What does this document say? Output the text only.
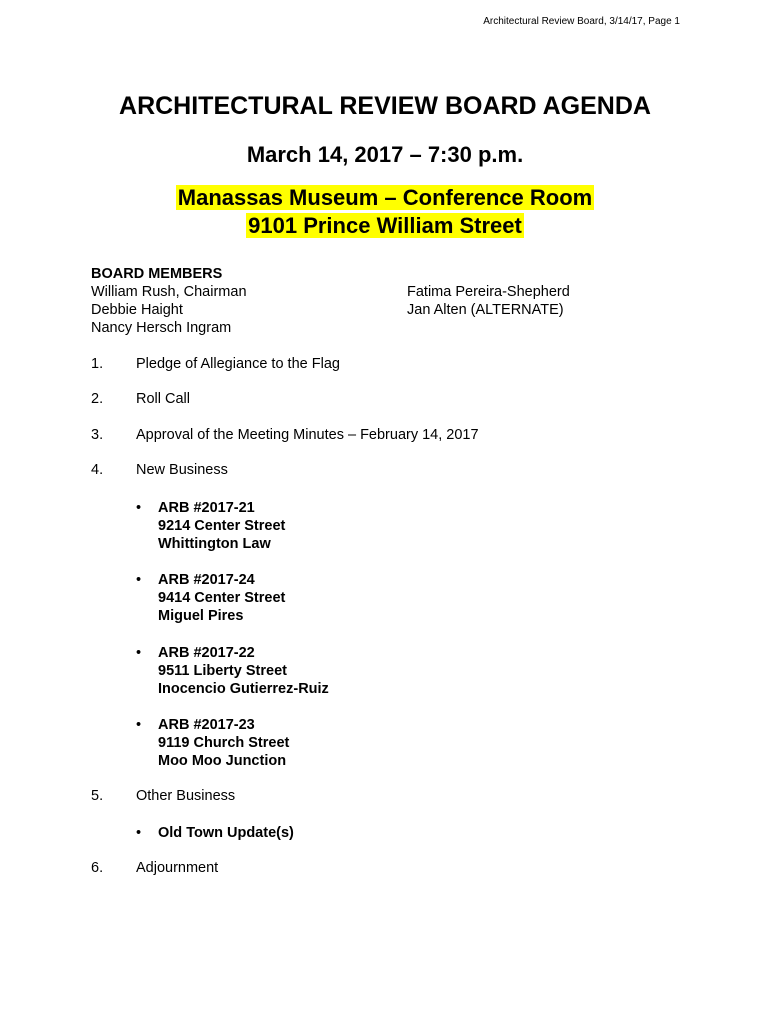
Architectural Review Board, 3/14/17, Page 1
ARCHITECTURAL REVIEW BOARD AGENDA
March 14, 2017 – 7:30 p.m.
Manassas Museum – Conference Room
9101 Prince William Street
BOARD MEMBERS
William Rush, Chairman
Debbie Haight
Nancy Hersch Ingram
Fatima Pereira-Shepherd
Jan Alten (ALTERNATE)
1. Pledge of Allegiance to the Flag
2. Roll Call
3. Approval of the Meeting Minutes – February 14, 2017
4. New Business
• ARB #2017-21
9214 Center Street
Whittington Law
• ARB #2017-24
9414 Center Street
Miguel Pires
• ARB #2017-22
9511 Liberty Street
Inocencio Gutierrez-Ruiz
• ARB #2017-23
9119 Church Street
Moo Moo Junction
5. Other Business
• Old Town Update(s)
6. Adjournment
